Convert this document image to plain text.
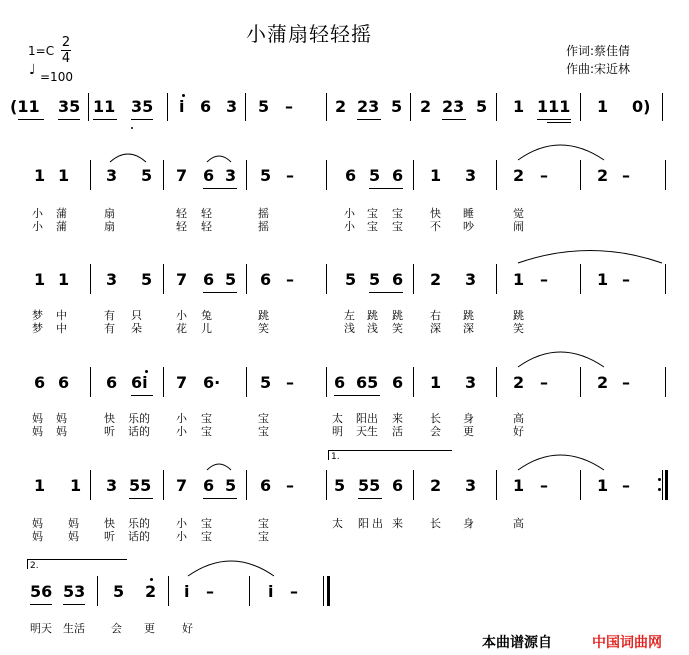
小蒲扇轻轻摇
1=C
2
4
♩ =100
作词:蔡佳倩
作曲:宋近林
(11 35 11 35 i 6 3 5 –	2 23 5 2 23 5 1 111 1 0)
1 1 3 5 7 6 3 5 –	6 5 6 1 3 2 –	2 –
小 蒲	扇	轻 轻	摇	小 宝 宝 快 睡	觉
小 蒲	扇	轻 轻	摇	小 宝 宝 不 吵	闹
1 1 3 5 7 6 5 6 –	5 5 6 2 3 1 –	1 –
梦 中	有 只	小 兔	跳	左 跳 跳 右 跳	跳
梦 中	有 朵	花 儿	笑	浅 浅 笑 深 深	笑
6 6 6 6i 7 6· 5 –	6 65 6 1 3 2 –	2 –
妈 妈	快 乐的 小 宝	宝	太 阳出 来 长 身	高
妈 妈	听 话的 小 宝	宝	明 天生 活 会 更	好
1.
1 1 3 55 7 6 5 6 –	5 55 6 2 3 1 –	1 –
妈 妈 快 乐的 小 宝	宝	太 阳 出 来 长 身	高
妈 妈 听 话的 小 宝	宝
2.
56 53 5 2 i –	i –
明天 生活 会 更 好
本曲谱源自	中国词曲网
